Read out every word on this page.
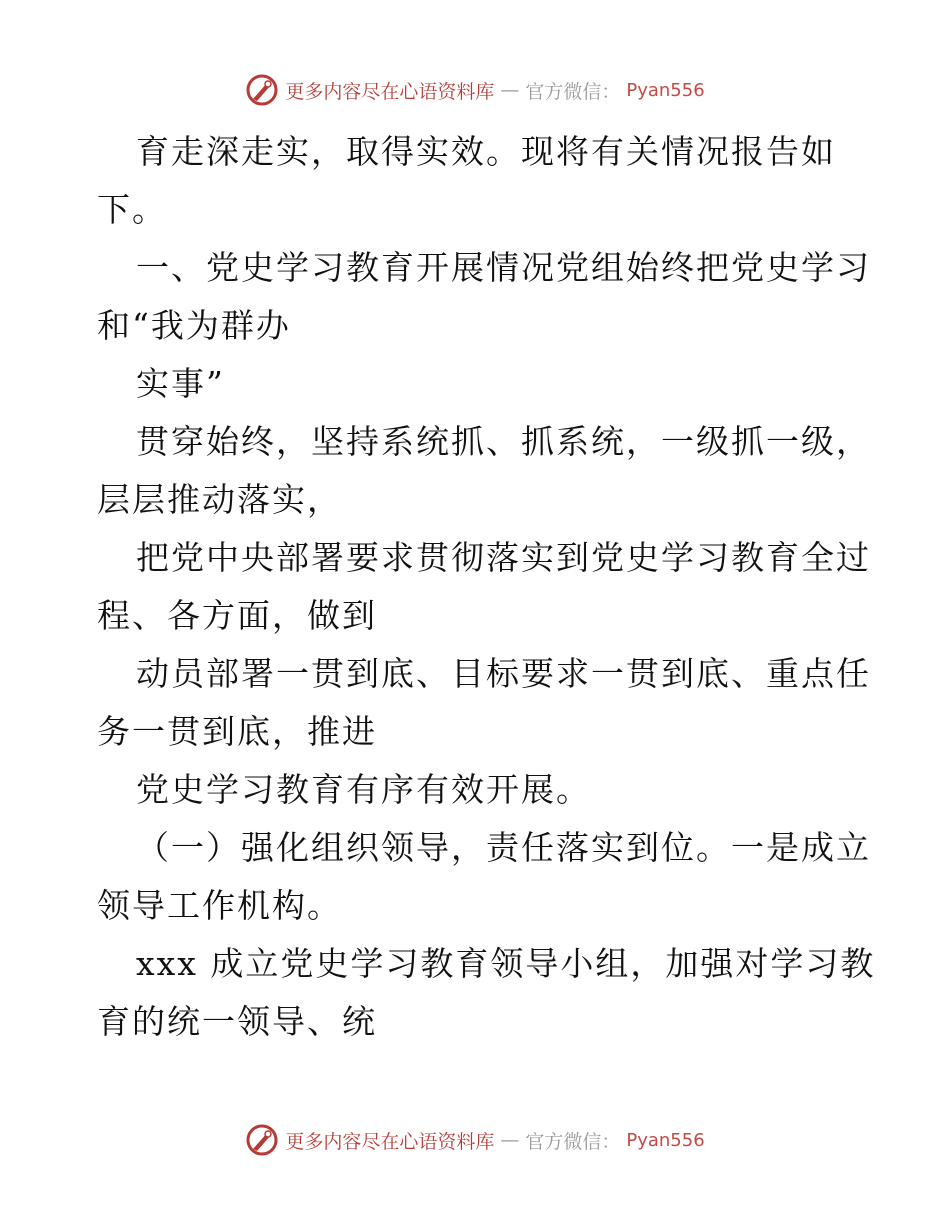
更多内容尽在心语资料库 — 官方微信： Pyan556
育走深走实，取得实效。现将有关情况报告如
下。
一、党史学习教育开展情况党组始终把党史学习
和“我为群办
实事”
贯穿始终，坚持系统抓、抓系统，一级抓一级，
层层推动落实，
把党中央部署要求贯彻落实到党史学习教育全过
程、各方面，做到
动员部署一贯到底、目标要求一贯到底、重点任
务一贯到底，推进
党史学习教育有序有效开展。
（一）强化组织领导，责任落实到位。一是成立
领导工作机构。
xxx 成立党史学习教育领导小组，加强对学习教
育的统一领导、统
更多内容尽在心语资料库 — 官方微信： Pyan556
